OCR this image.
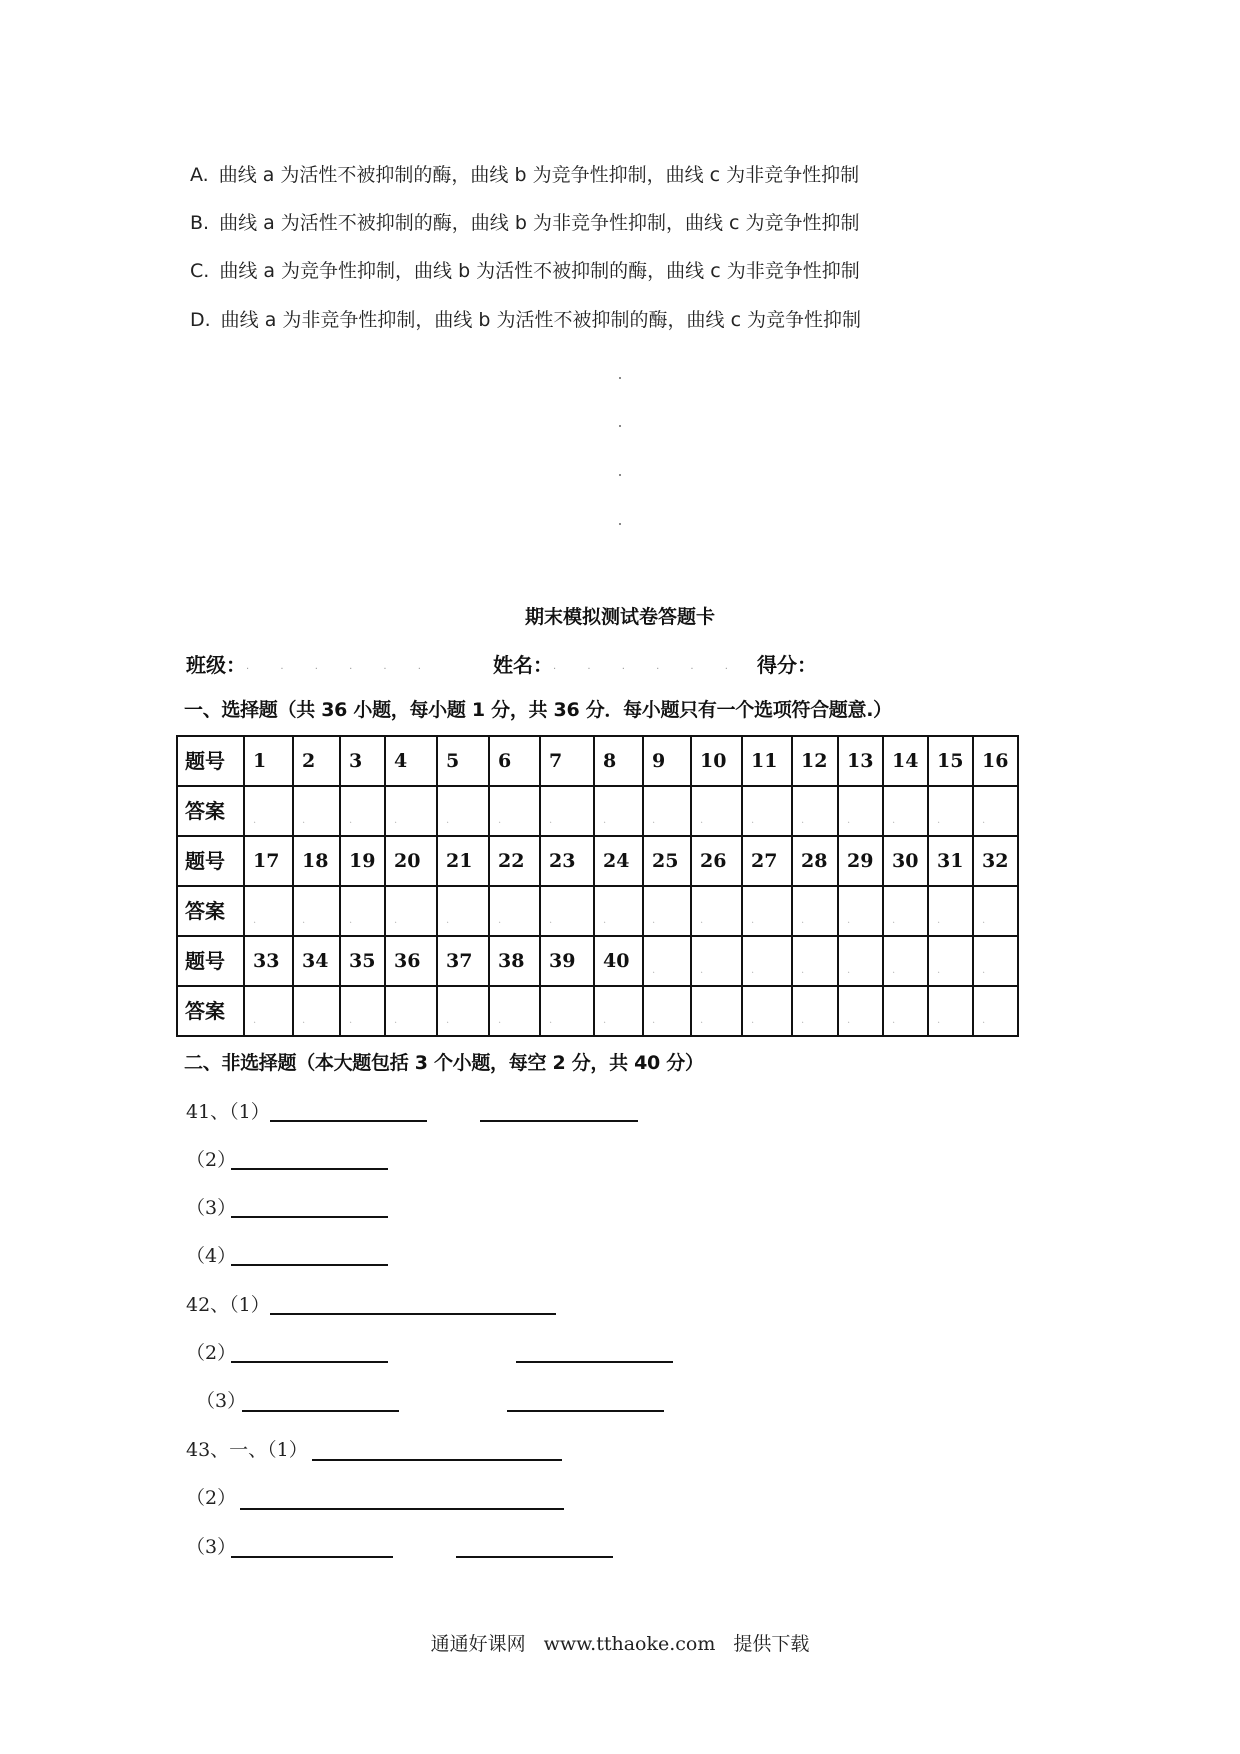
A. 曲线 a 为活性不被抑制的酶，曲线 b 为竞争性抑制，曲线 c 为非竞争性抑制
B. 曲线 a 为活性不被抑制的酶，曲线 b 为非竞争性抑制，曲线 c 为竞争性抑制
C. 曲线 a 为竞争性抑制，曲线 b 为活性不被抑制的酶，曲线 c 为非竞争性抑制
D. 曲线 a 为非竞争性抑制，曲线 b 为活性不被抑制的酶，曲线 c 为竞争性抑制
期末模拟测试卷答题卡
班级：. . . . . .	姓名：. . . . . . 得分：
一、选择题（共 36 小题，每小题 1 分，共 36 分．每小题只有一个选项符合题意.）
题号	1	2	3	4	5	6	7	8	9	10	11	12	13	14	15	16
答案	.	.	.	.	.	.	.	.	.	.	.	.	.	.	.	.
题号	17	18	19	20	21	22	23	24	25	26	27	28	29	30	31	32
答案	.	.	.	.	.	.	.	.	.	.	.	.	.	.	.	.
题号	33	34	35	36	37	38	39	40	.	.	.	.	.	.	.	.
答案	.	.	.	.	.	.	.	.	.	.	.	.	.	.	.	.
二、非选择题（本大题包括 3 个小题，每空 2 分，共 40 分）
41、（1）
（2）
（3）
（4）
42、（1）
（2）
（3）
43、一、（1）
（2）
（3）
通通好课网 www.tthaoke.com 提供下载
